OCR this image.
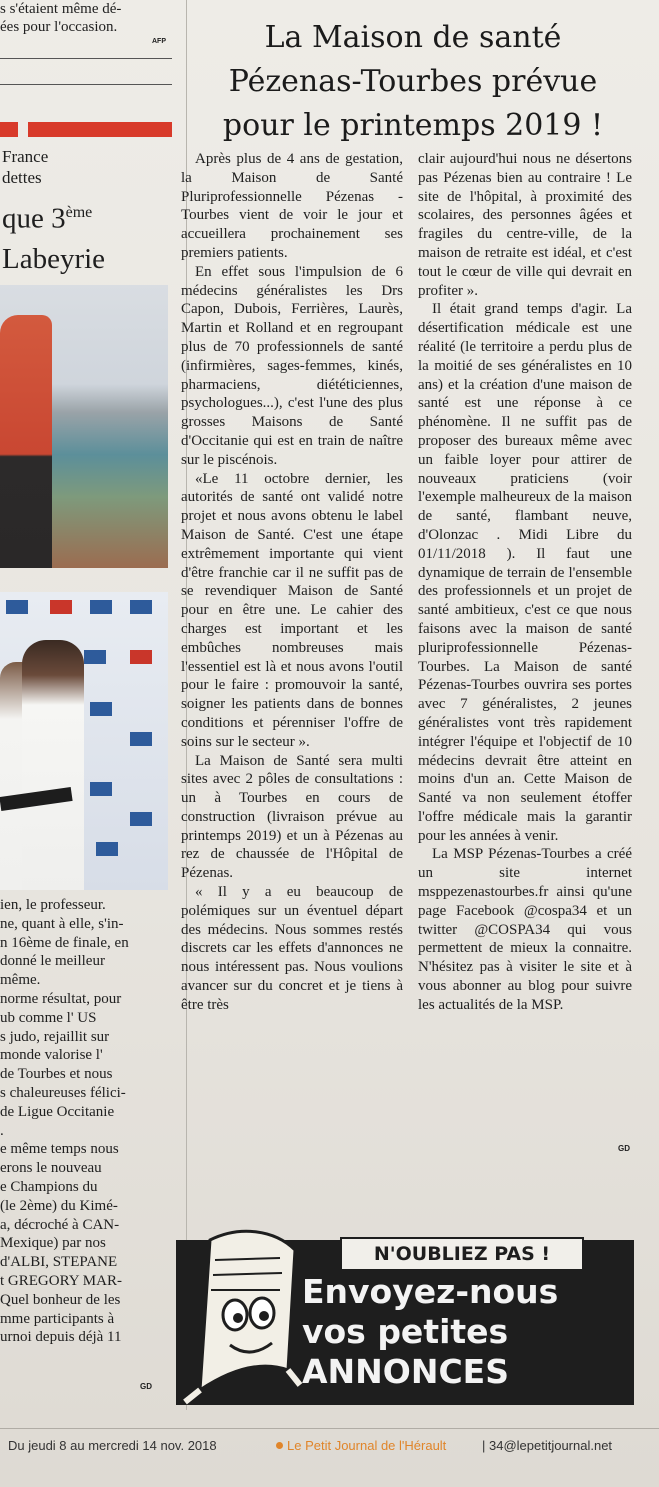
s s'étaient même dé-
ées pour l'occasion.
AFP
France
dettes
que 3ème
Labeyrie
ien, le professeur.
ne, quant à elle, s'in-
n 16ème de finale, en
donné le meilleur
même.
norme résultat, pour
ub comme l' US
s judo, rejaillit sur
monde valorise l'
de Tourbes et nous
s chaleureuses félici-
de Ligue Occitanie
.
e même temps nous
erons le nouveau
e Champions du
(le 2ème) du Kimé-
a, décroché à CAN-
Mexique) par nos
d'ALBI, STEPANE
t GREGORY MAR-
Quel bonheur de les
mme participants à
urnoi depuis déjà 11
GD
La Maison de santé
Pézenas-Tourbes prévue
pour le printemps 2019 !

Après plus de 4 ans de gestation, la Maison de Santé Pluriprofessionnelle Pézenas - Tourbes vient de voir le jour et accueillera prochainement ses premiers patients.

En effet sous l'impulsion de 6 médecins généralistes les Drs Capon, Dubois, Ferrières, Laurès, Martin et Rolland et en regroupant plus de 70 professionnels de santé (infirmières, sages-femmes, kinés, pharmaciens, diététiciennes, psychologues...), c'est l'une des plus grosses Maisons de Santé d'Occitanie qui est en train de naître sur le piscénois.

«Le 11 octobre dernier, les autorités de santé ont validé notre projet et nous avons obtenu le label Maison de Santé. C'est une étape extrêmement importante qui vient d'être franchie car il ne suffit pas de se revendiquer Maison de Santé pour en être une. Le cahier des charges est important et les embûches nombreuses mais l'essentiel est là et nous avons l'outil pour le faire : promouvoir la santé, soigner les patients dans de bonnes conditions et pérenniser l'offre de soins sur le secteur ».

La Maison de Santé sera multi sites avec 2 pôles de consultations : un à Tourbes en cours de construction (livraison prévue au printemps 2019) et un à Pézenas au rez de chaussée de l'Hôpital de Pézenas.

« Il y a eu beaucoup de polémiques sur un éventuel départ des médecins. Nous sommes restés discrets car les effets d'annonces ne nous intéressent pas. Nous voulions avancer sur du concret et je tiens à être très

clair aujourd'hui nous ne désertons pas Pézenas bien au contraire ! Le site de l'hôpital, à proximité des scolaires, des personnes âgées et fragiles du centre-ville, de la maison de retraite est idéal, et c'est tout le cœur de ville qui devrait en profiter ».

Il était grand temps d'agir. La désertification médicale est une réalité (le territoire a perdu plus de la moitié de ses généralistes en 10 ans) et la création d'une maison de santé est une réponse à ce phénomène. Il ne suffit pas de proposer des bureaux même avec un faible loyer pour attirer de nouveaux praticiens (voir l'exemple malheureux de la maison de santé, flambant neuve, d'Olonzac . Midi Libre du 01/11/2018 ). Il faut une dynamique de terrain de l'ensemble des professionnels et un projet de santé ambitieux, c'est ce que nous faisons avec la maison de santé pluriprofessionnelle Pézenas-Tourbes. La Maison de santé Pézenas-Tourbes ouvrira ses portes avec 7 généralistes, 2 jeunes généralistes vont très rapidement intégrer l'équipe et l'objectif de 10 médecins devrait être atteint en moins d'un an. Cette Maison de Santé va non seulement étoffer l'offre médicale mais la garantir pour les années à venir.

La MSP Pézenas-Tourbes a créé un site internet msppezenastourbes.fr ainsi qu'une page Facebook @cospa34 et un twitter @COSPA34 qui vous permettent de mieux la connaitre. N'hésitez pas à visiter le site et à vous abonner au blog pour suivre les actualités de la MSP.

GD
N'OUBLIEZ PAS !
Envoyez-nous
vos petites
ANNONCES
Du jeudi 8 au mercredi 14 nov. 2018	Le Petit Journal de l'Hérault	| 34@lepetitjournal.net
